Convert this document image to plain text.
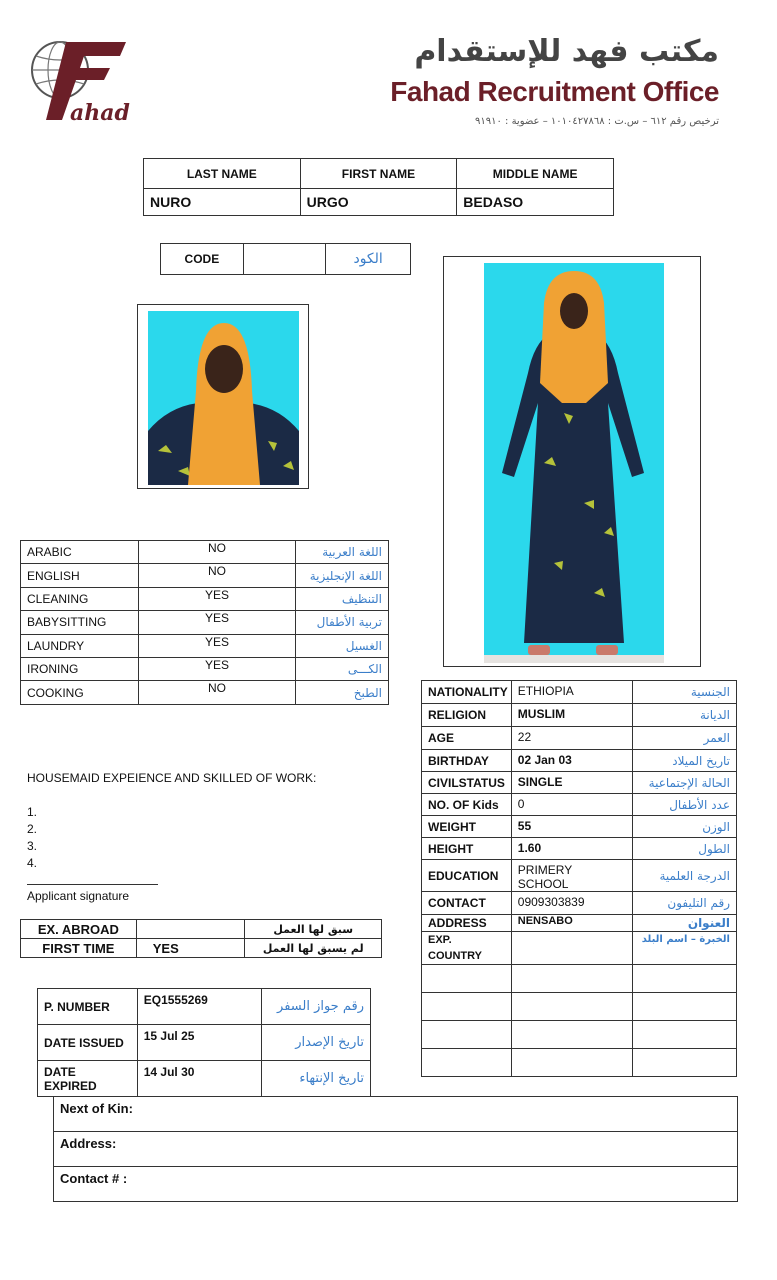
ahad
مكتب فهد للإستقدام
Fahad Recruitment Office
ترخيص رقم ٦١٢ – س.ت : ١٠١٠٤٢٧٨٦٨ – عضوية : ٩١٩١٠
LAST NAME	FIRST NAME	MIDDLE NAME
NURO	URGO	BEDASO
CODE		الكود
ARABIC	NO	اللغة العربية
ENGLISH	NO	اللغة الإنجليزية
CLEANING	YES	التنظيف
BABYSITTING	YES	تربية الأطفال
LAUNDRY	YES	الغسيل
IRONING	YES	الكـــى
COOKING	NO	الطبخ
HOUSEMAID EXPEIENCE AND SKILLED OF WORK:
1.
2.
3.
4.
Applicant signature
EX. ABROAD		سبق لها العمل
FIRST TIME	YES	لم يسبق لها العمل
P. NUMBER	EQ1555269	رقم جواز السفر
DATE ISSUED	15 Jul 25	تاريخ الإصدار
DATE EXPIRED	14 Jul 30	تاريخ الإنتهاء
NATIONALITY	ETHIOPIA	الجنسية
RELIGION	MUSLIM	الديانة
AGE	22	العمر
BIRTHDAY	02 Jan 03	تاريخ الميلاد
CIVILSTATUS	SINGLE	الحالة الإجتماعية
NO. OF Kids	0	عدد الأطفال
WEIGHT	55	الوزن
HEIGHT	1.60	الطول
EDUCATION	PRIMERY SCHOOL	الدرجة العلمية
CONTACT	0909303839	رقم التليفون
ADDRESS	NENSABO	العنوان
EXP. COUNTRY		الخبرة – اسم البلد

Next of Kin:
Address:
Contact # :
